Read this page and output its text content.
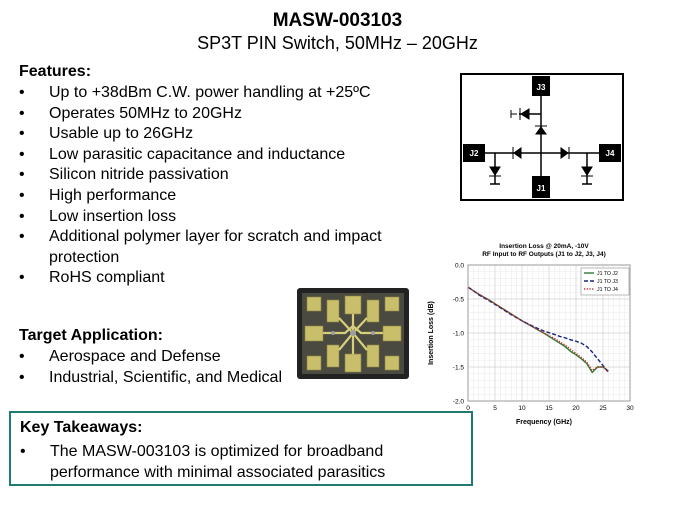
MASW-003103
SP3T PIN Switch, 50MHz – 20GHz
Features:
• Up to +38dBm C.W. power handling at +25ºC
• Operates 50MHz to 20GHz
• Usable up to 26GHz
• Low parasitic capacitance and inductance
• Silicon nitride passivation
• High performance
• Low insertion loss
• Additional polymer layer for scratch and impact protection
• RoHS compliant
Target Application:
• Aerospace and Defense
• Industrial, Scientific, and Medical
Key Takeaways:
• The MASW-003103 is optimized for broadband performance with minimal associated parasitics
J3
J2	J4
J1
Insertion Loss @ 20mA, -10V
RF Input to RF Outputs (J1 to J2, J3, J4)
0.0
-0.5
-1.0
-1.5
-2.0
0	5	10	15	20	25	30
J1 TO J2
J1 TO J3
J1 TO J4
Frequency (GHz)
Insertion Loss (dB)
